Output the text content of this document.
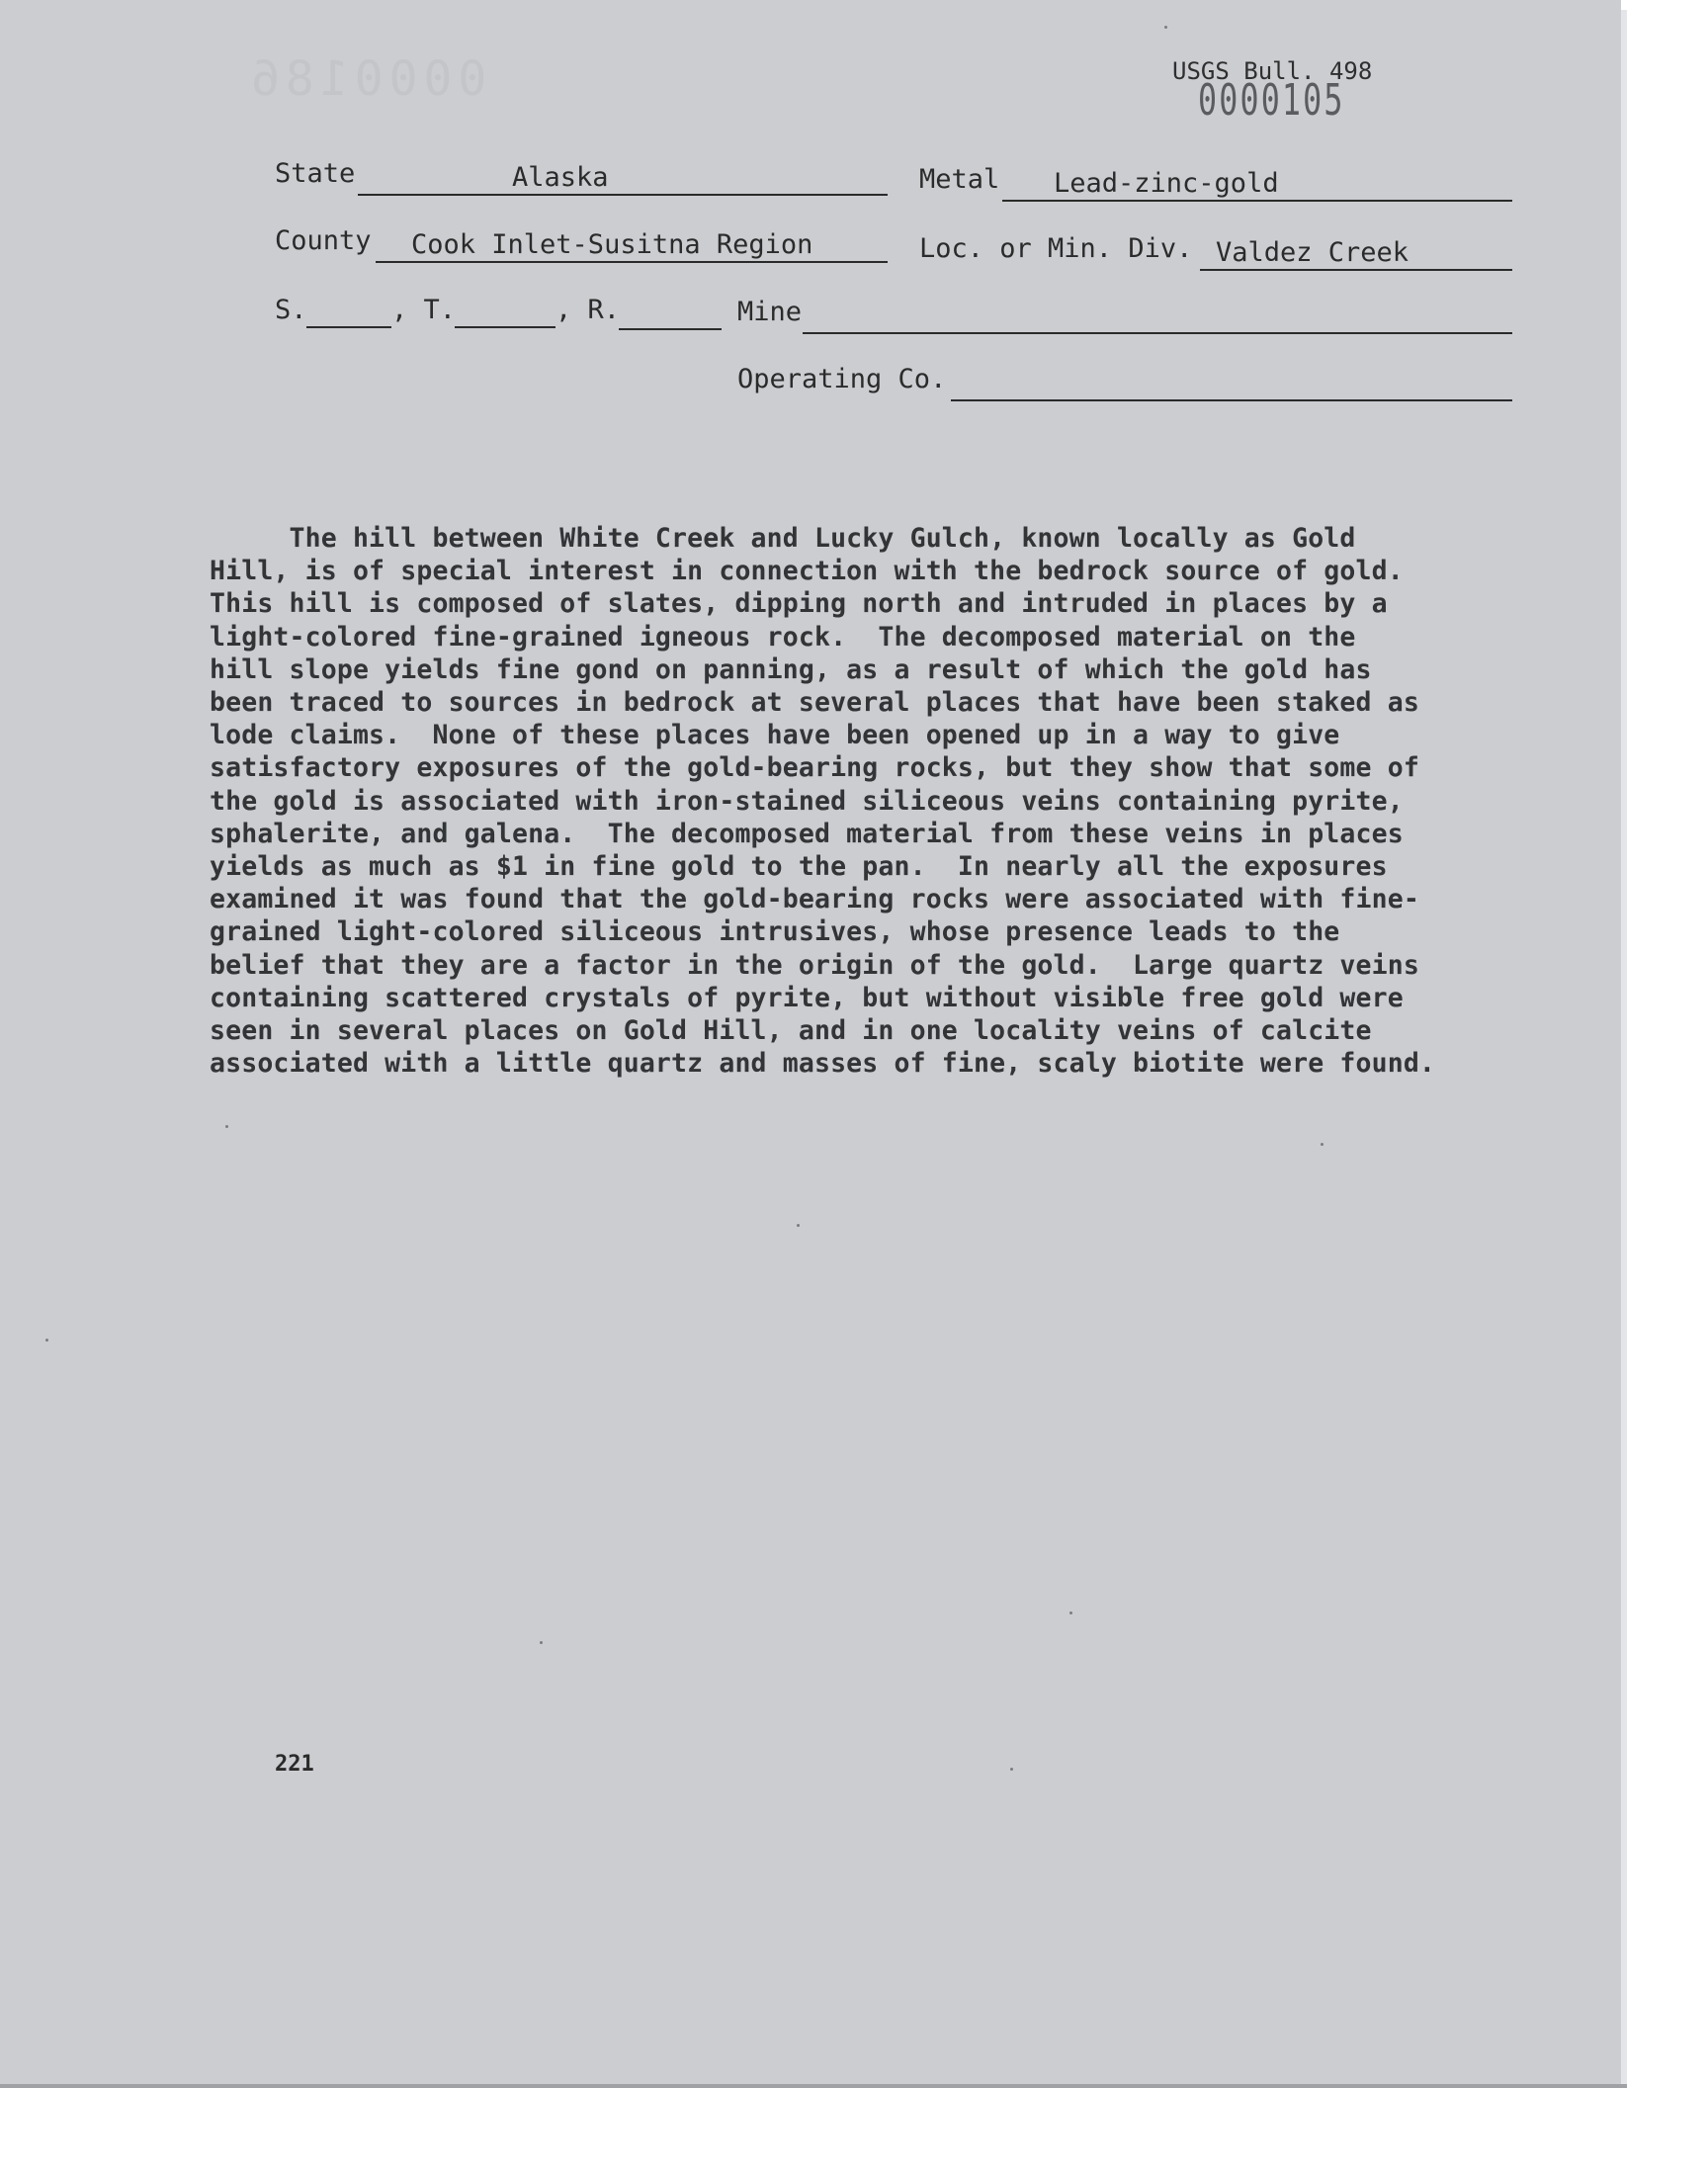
0000186	USGS Bull. 498
0000105
State	Alaska	Metal Lead-zinc-gold
County Cook Inlet-Susitna Region	Loc. or Min. Div. Valdez Creek
S.	, T.	, R.	Mine
Operating Co.
The hill between White Creek and Lucky Gulch, known locally as Gold
Hill, is of special interest in connection with the bedrock source of gold.
This hill is composed of slates, dipping north and intruded in places by a
light-colored fine-grained igneous rock.  The decomposed material on the
hill slope yields fine gond on panning, as a result of which the gold has
been traced to sources in bedrock at several places that have been staked as
lode claims.  None of these places have been opened up in a way to give
satisfactory exposures of the gold-bearing rocks, but they show that some of
the gold is associated with iron-stained siliceous veins containing pyrite,
sphalerite, and galena.  The decomposed material from these veins in places
yields as much as $1 in fine gold to the pan.  In nearly all the exposures
examined it was found that the gold-bearing rocks were associated with fine-
grained light-colored siliceous intrusives, whose presence leads to the
belief that they are a factor in the origin of the gold.  Large quartz veins
containing scattered crystals of pyrite, but without visible free gold were
seen in several places on Gold Hill, and in one locality veins of calcite
associated with a little quartz and masses of fine, scaly biotite were found.
221
